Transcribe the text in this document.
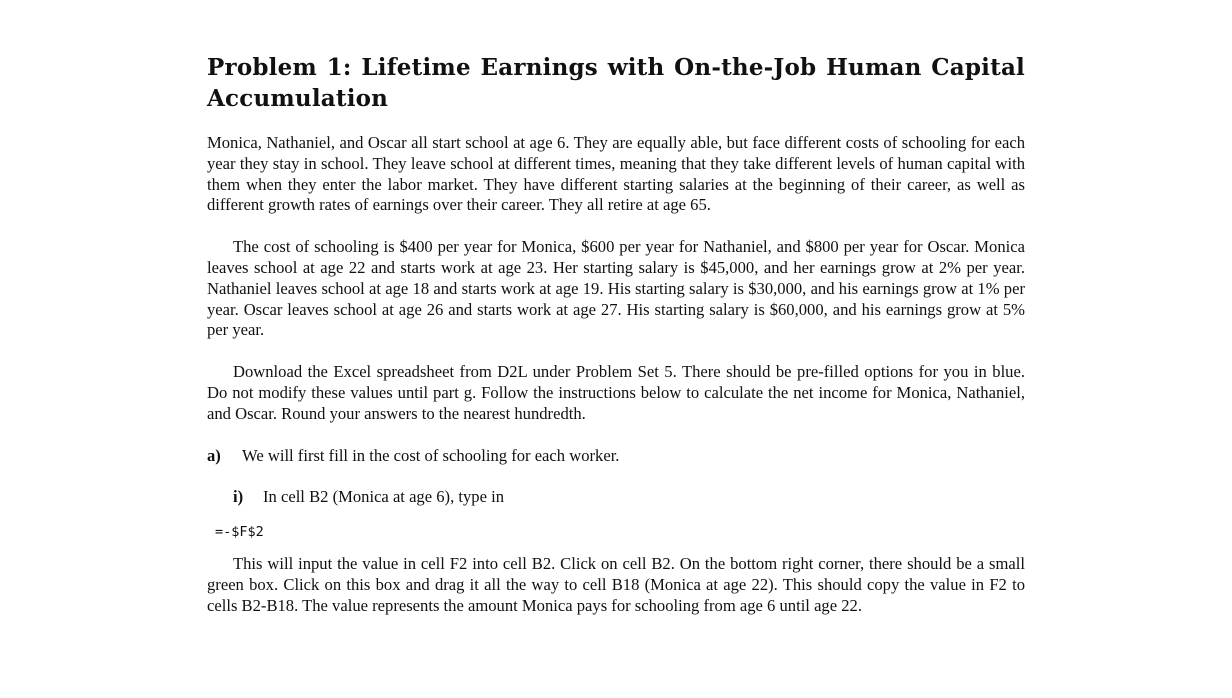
Problem 1: Lifetime Earnings with On-the-Job Human Capital Accumulation

Monica, Nathaniel, and Oscar all start school at age 6. They are equally able, but face different costs of schooling for each year they stay in school. They leave school at different times, meaning that they take different levels of human capital with them when they enter the labor market. They have different starting salaries at the beginning of their career, as well as different growth rates of earnings over their career. They all retire at age 65.

The cost of schooling is $400 per year for Monica, $600 per year for Nathaniel, and $800 per year for Oscar. Monica leaves school at age 22 and starts work at age 23. Her starting salary is $45,000, and her earnings grow at 2% per year. Nathaniel leaves school at age 18 and starts work at age 19. His starting salary is $30,000, and his earnings grow at 1% per year. Oscar leaves school at age 26 and starts work at age 27. His starting salary is $60,000, and his earnings grow at 5% per year.

Download the Excel spreadsheet from D2L under Problem Set 5. There should be pre-filled options for you in blue. Do not modify these values until part g. Follow the instructions below to calculate the net income for Monica, Nathaniel, and Oscar. Round your answers to the nearest hundredth.

a) We will first fill in the cost of schooling for each worker.

i) In cell B2 (Monica at age 6), type in

=-$F$2

This will input the value in cell F2 into cell B2. Click on cell B2. On the bottom right corner, there should be a small green box. Click on this box and drag it all the way to cell B18 (Monica at age 22). This should copy the value in F2 to cells B2-B18. The value represents the amount Monica pays for schooling from age 6 until age 22.
